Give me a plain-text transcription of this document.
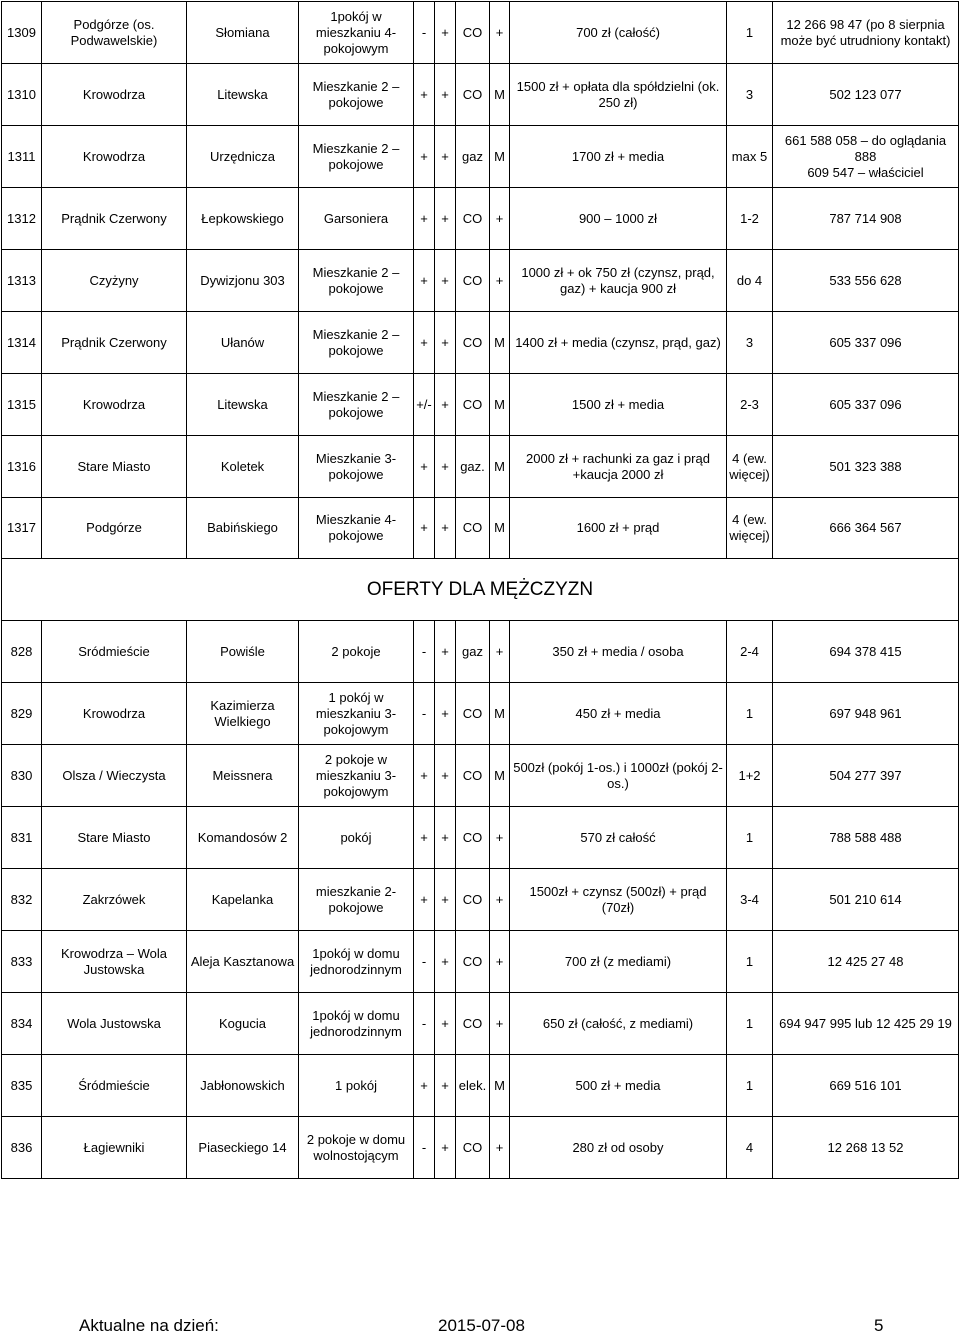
1309	Podgórze (os.
Podwawelskie)	Słomiana	1pokój w
mieszkaniu 4-
pokojowym	-	+	CO	+	700 zł (całość)	1	12 266 98 47 (po 8 sierpnia
może być utrudniony kontakt)
1310	Krowodrza	Litewska	Mieszkanie 2 –
pokojowe	+	+	CO	M	1500 zł + opłata dla spółdzielni (ok.
250 zł)	3	502 123 077
1311	Krowodrza	Urzędnicza	Mieszkanie 2 –
pokojowe	+	+	gaz	M	1700 zł + media	max 5	661 588 058 – do oglądania 888
609 547 – właściciel
1312	Prądnik Czerwony	Łepkowskiego	Garsoniera	+	+	CO	+	900 – 1000 zł	1-2	787 714 908
1313	Czyżyny	Dywizjonu 303	Mieszkanie 2 –
pokojowe	+	+	CO	+	1000 zł + ok 750 zł (czynsz, prąd,
gaz) + kaucja 900 zł	do 4	533 556 628
1314	Prądnik Czerwony	Ułanów	Mieszkanie 2 –
pokojowe	+	+	CO	M	1400 zł + media (czynsz, prąd, gaz)	3	605 337 096
1315	Krowodrza	Litewska	Mieszkanie 2 –
pokojowe	+/-	+	CO	M	1500 zł + media	2-3	605 337 096
1316	Stare Miasto	Koletek	Mieszkanie 3-
pokojowe	+	+	gaz.	M	2000 zł + rachunki za gaz i prąd
+kaucja 2000 zł	4 (ew.
więcej)	501 323 388
1317	Podgórze	Babińskiego	Mieszkanie 4-
pokojowe	+	+	CO	M	1600 zł + prąd	4 (ew.
więcej)	666 364 567
OFERTY DLA MĘŻCZYZN										
828	Sródmieście	Powiśle	2 pokoje	-	+	gaz	+	350 zł + media / osoba	2-4	694 378 415
829	Krowodrza	Kazimierza Wielkiego	1 pokój w
mieszkaniu 3-
pokojowym	-	+	CO	M	450 zł + media	1	697 948 961
830	Olsza / Wieczysta	Meissnera	2 pokoje w
mieszkaniu 3-
pokojowym	+	+	CO	M	500zł (pokój 1-os.) i 1000zł (pokój 2-
os.)	1+2	504 277 397
831	Stare Miasto	Komandosów 2	pokój	+	+	CO	+	570 zł całość	1	788 588 488
832	Zakrzówek	Kapelanka	mieszkanie 2-
pokojowe	+	+	CO	+	1500zł + czynsz (500zł) + prąd
(70zł)	3-4	501 210 614
833	Krowodrza – Wola
Justowska	Aleja Kasztanowa	1pokój w domu
jednorodzinnym	-	+	CO	+	700 zł (z mediami)	1	12 425 27 48
834	Wola Justowska	Kogucia	1pokój w domu
jednorodzinnym	-	+	CO	+	650 zł (całość, z mediami)	1	694 947 995 lub 12 425 29 19
835	Śródmieście	Jabłonowskich	1 pokój	+	+	elek.	M	500 zł + media	1	669 516 101
836	Łagiewniki	Piaseckiego 14	2 pokoje w domu
wolnostojącym	-	+	CO	+	280 zł od osoby	4	12 268 13 52
Aktualne na dzień:	2015-07-08	5
